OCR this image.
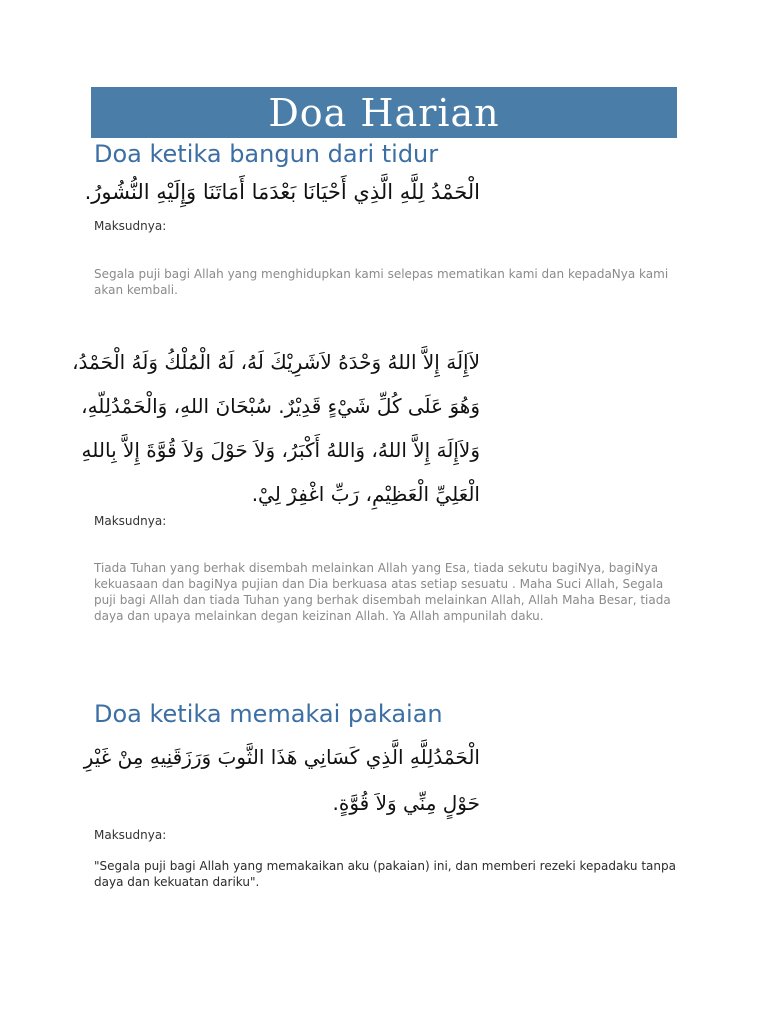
Doa Harian
Doa ketika bangun dari tidur
الْحَمْدُ لِلَّهِ الَّذِي أَحْيَانَا بَعْدَمَا أَمَاتَنَا وَإِلَيْهِ النُّشُورُ.
Maksudnya:
Segala puji bagi Allah yang menghidupkan kami selepas mematikan kami dan kepadaNya kami akan kembali.
لاَإِلَهَ إِلاَّ اللهُ وَحْدَهُ لاَشَرِيْكَ لَهُ، لَهُ الْمُلْكُ وَلَهُ الْحَمْدُ،
وَهُوَ عَلَى كُلِّ شَيْءٍ قَدِيْرٌ. سُبْحَانَ اللهِ، وَالْحَمْدُلِلّهِ،
وَلاَإِلَهَ إِلاَّ اللهُ، وَاللهُ أَكْبَرُ، وَلاَ حَوْلَ وَلاَ قُوَّةَ إِلاَّ بِاللهِ
الْعَلِيِّ الْعَظِيْمِ، رَبِّ اغْفِرْ لِيْ.
Maksudnya:
Tiada Tuhan yang berhak disembah melainkan Allah yang Esa, tiada sekutu bagiNya, bagiNya kekuasaan dan bagiNya pujian dan Dia berkuasa atas setiap sesuatu . Maha Suci Allah, Segala puji bagi Allah dan tiada Tuhan yang berhak disembah melainkan Allah, Allah Maha Besar, tiada daya dan upaya melainkan degan keizinan Allah. Ya Allah ampunilah daku.
Doa ketika memakai pakaian
الْحَمْدُلِلَّهِ الَّذِي كَسَانِي هَذَا الثَّوبَ وَرَزَقَنِيهِ مِنْ غَيْرِ
حَوْلٍ مِنِّي وَلاَ قُوَّةٍ.
Maksudnya:
"Segala puji bagi Allah yang memakaikan aku (pakaian) ini, dan memberi rezeki kepadaku tanpa daya dan kekuatan dariku".
